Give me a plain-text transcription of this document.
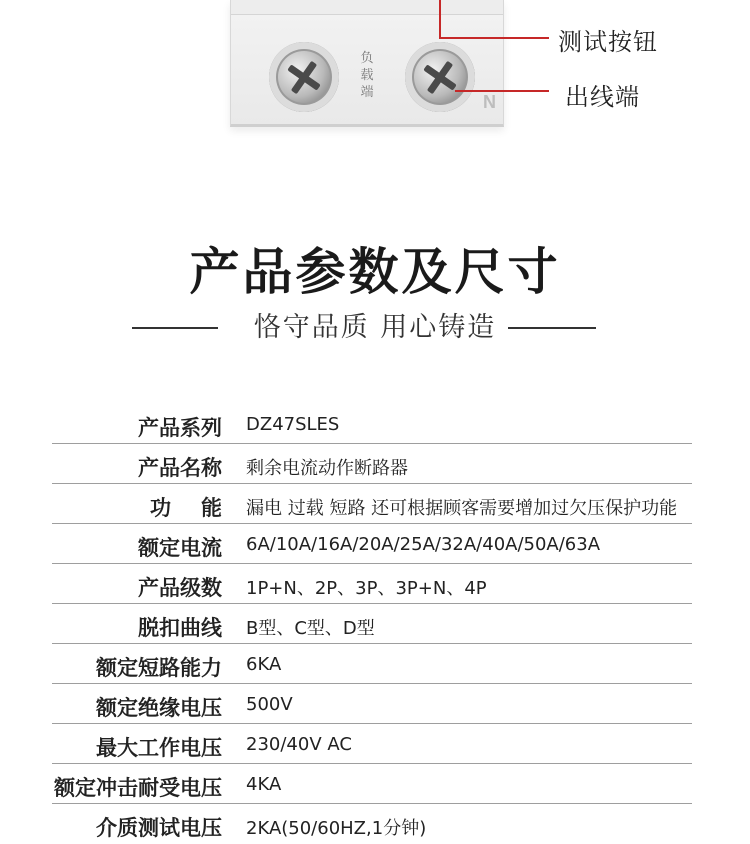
负
载
端	N
测试按钮
出线端
产品参数及尺寸
恪守品质 用心铸造
产品系列 DZ47SLES
产品名称 剩余电流动作断路器
功能
漏电 过载 短路 还可根据顾客需要增加过欠压保护功能
额定电流 6A/10A/16A/20A/25A/32A/40A/50A/63A
产品级数 1P+N、2P、3P、3P+N、4P
脱扣曲线 B型、C型、D型
额定短路能力 6KA
额定绝缘电压 500V
最大工作电压 230/40V AC
额定冲击耐受电压 4KA
介质测试电压 2KA(50/60HZ,1分钟)
